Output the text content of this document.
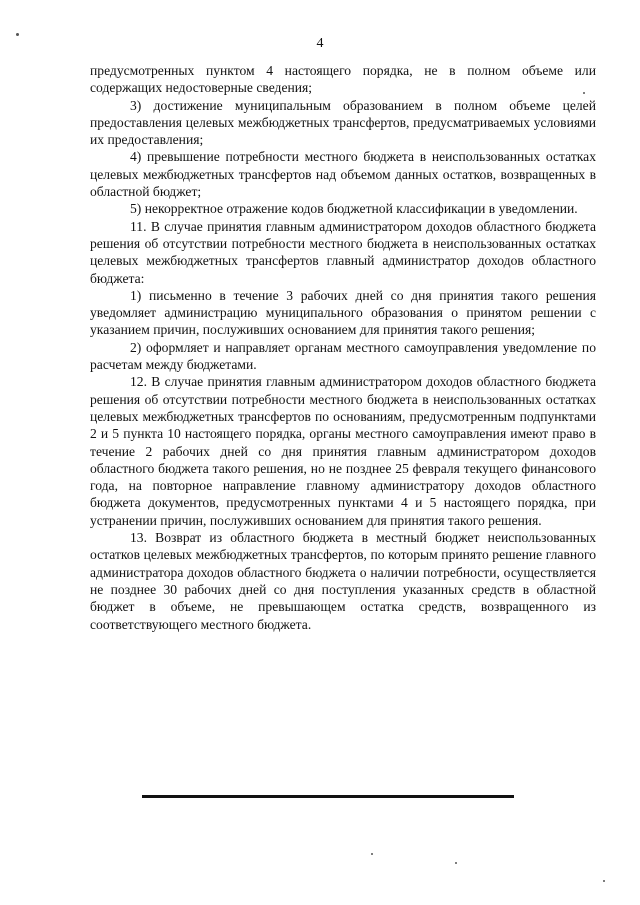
4

предусмотренных пунктом 4 настоящего порядка, не в полном объеме или содержащих недостоверные сведения;

3) достижение муниципальным образованием в полном объеме целей предоставления целевых межбюджетных трансфертов, предусматриваемых условиями их предоставления;

4) превышение потребности местного бюджета в неиспользованных остатках целевых межбюджетных трансфертов над объемом данных остатков, возвращенных в областной бюджет;

5) некорректное отражение кодов бюджетной классификации в уведомлении.

11. В случае принятия главным администратором доходов областного бюджета решения об отсутствии потребности местного бюджета в неиспользованных остатках целевых межбюджетных трансфертов главный администратор доходов областного бюджета:

1) письменно в течение 3 рабочих дней со дня принятия такого решения уведомляет администрацию муниципального образования о принятом решении с указанием причин, послуживших основанием для принятия такого решения;

2) оформляет и направляет органам местного самоуправления уведомление по расчетам между бюджетами.

12. В случае принятия главным администратором доходов областного бюджета решения об отсутствии потребности местного бюджета в неиспользованных остатках целевых межбюджетных трансфертов по основаниям, предусмотренным подпунктами 2 и 5 пункта 10 настоящего порядка, органы местного самоуправления имеют право в течение 2 рабочих дней со дня принятия главным администратором доходов областного бюджета такого решения, но не позднее 25 февраля текущего финансового года, на повторное направление главному администратору доходов областного бюджета документов, предусмотренных пунктами 4 и 5 настоящего порядка, при устранении причин, послуживших основанием для принятия такого решения.

13. Возврат из областного бюджета в местный бюджет неиспользованных остатков целевых межбюджетных трансфертов, по которым принято решение главного администратора доходов областного бюджета о наличии потребности, осуществляется не позднее 30 рабочих дней со дня поступления указанных средств в областной бюджет в объеме, не превышающем остатка средств, возвращенного из соответствующего местного бюджета.
